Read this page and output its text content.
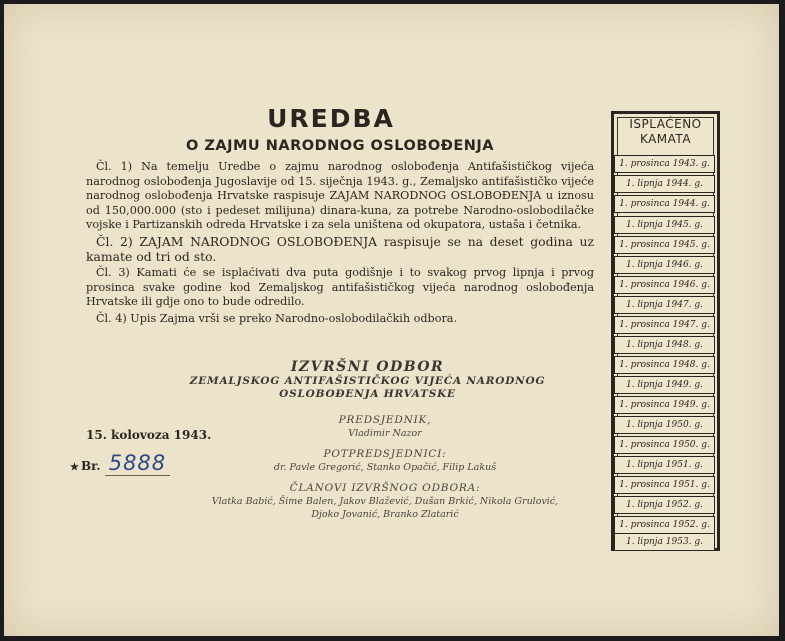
UREDBA
O ZAJMU NARODNOG OSLOBOĐENJA

Čl. 1) Na temelju Uredbe o zajmu narodnog oslobođenja Antifašističkog vijeća narodnog oslobođenja Jugoslavije od 15. siječnja 1943. g., Zemaljsko antifašističko vijeće narodnog oslobođenja Hrvatske raspisuje ZAJAM NARODNOG OSLOBOĐENJA u iznosu od 150,000.000 (sto i pedeset milijuna) dinara-kuna, za potrebe Narodno-oslobodilačke vojske i Partizanskih odreda Hrvatske i za sela uništena od okupatora, ustaša i četnika.

Čl. 2) ZAJAM NARODNOG OSLOBOĐENJA raspisuje se na deset godina uz kamate od tri od sto.

Čl. 3) Kamati će se isplaćivati dva puta godišnje i to svakog prvog lipnja i prvog prosinca svake godine kod Zemaljskog antifašističkog vijeća narodnog oslobođenja Hrvatske ili gdje ono to bude odredilo.

Čl. 4) Upis Zajma vrši se preko Narodno-oslobodilačkih odbora.

IZVRŠNI ODBOR
ZEMALJSKOG ANTIFAŠISTIČKOG VIJEĆA NARODNOG
OSLOBOĐENJA HRVATSKE
15. kolovoza 1943.
★ Br. 5888
PREDSJEDNIK,
Vladimir Nazor
POTPREDSJEDNICI:
dr. Pavle Gregorić, Stanko Opačić, Filip Lakuš
ČLANOVI IZVRŠNOG ODBORA:
Vlatka Babić, Šime Balen, Jakov Blažević, Dušan Brkić, Nikola Grulović,
Djoko Jovanić, Branko Zlatarić
ISPLAĆENO
KAMATA
1. prosinca 1943. g.
1. lipnja 1944. g.
1. prosinca 1944. g.
1. lipnja 1945. g.
1. prosinca 1945. g.
1. lipnja 1946. g.
1. prosinca 1946. g.
1. lipnja 1947. g.
1. prosinca 1947. g.
1. lipnja 1948. g.
1. prosinca 1948. g.
1. lipnja 1949. g.
1. prosinca 1949. g.
1. lipnja 1950. g.
1. prosinca 1950. g.
1. lipnja 1951. g.
1. prosinca 1951. g.
1. lipnja 1952. g.
1. prosinca 1952. g.
1. lipnja 1953. g.
